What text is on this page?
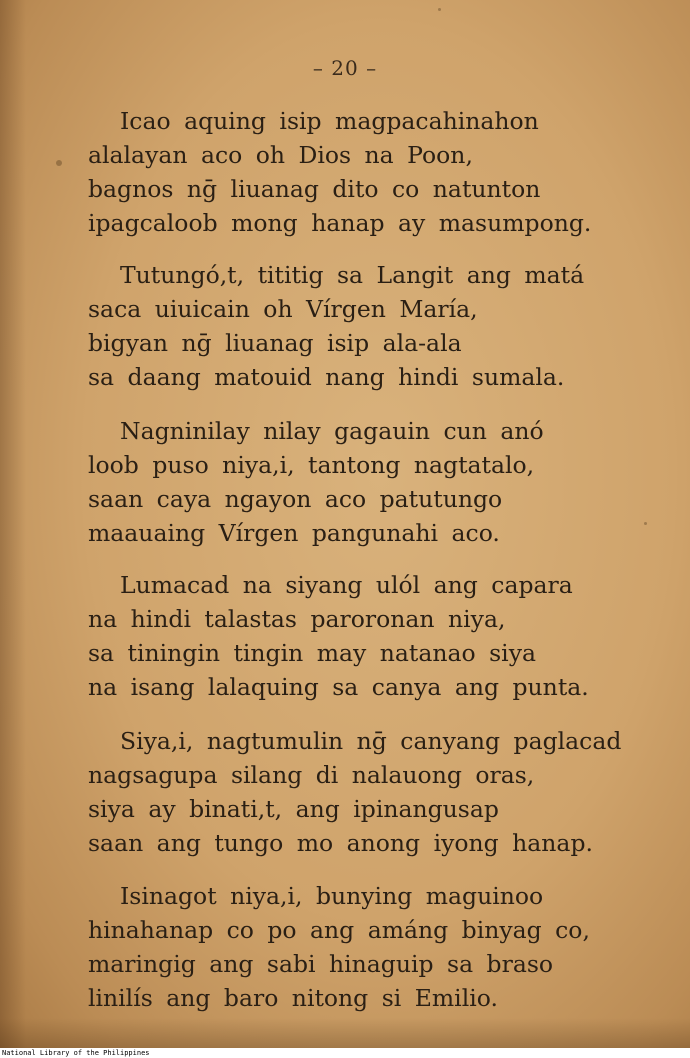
– 20 –
Icao aquing isip magpacahinahon
alalayan aco oh Dios na Poon,
bagnos nḡ liuanag dito co natunton
ipagcaloob mong hanap ay masumpong.
Tutungó,t, tititig sa Langit ang matá
saca uiuicain oh Vírgen María,
bigyan nḡ liuanag isip ala-ala
sa daang matouid nang hindi sumala.
Nagninilay nilay gagauin cun anó
loob puso niya,i, tantong nagtatalo,
saan caya ngayon aco patutungo
maauaing Vírgen pangunahi aco.
Lumacad na siyang ulól ang capara
na hindi talastas paroronan niya,
sa tiningin tingin may natanao siya
na isang lalaquing sa canya ang punta.
Siya,i, nagtumulin nḡ canyang paglacad
nagsagupa silang di nalauong oras,
siya ay binati,t, ang ipinangusap
saan ang tungo mo anong iyong hanap.
Isinagot niya,i, bunying maguinoo
hinahanap co po ang amáng binyag co,
maringig ang sabi hinaguip sa braso
linilís ang baro nitong si Emilio.
National Library of the Philippines
